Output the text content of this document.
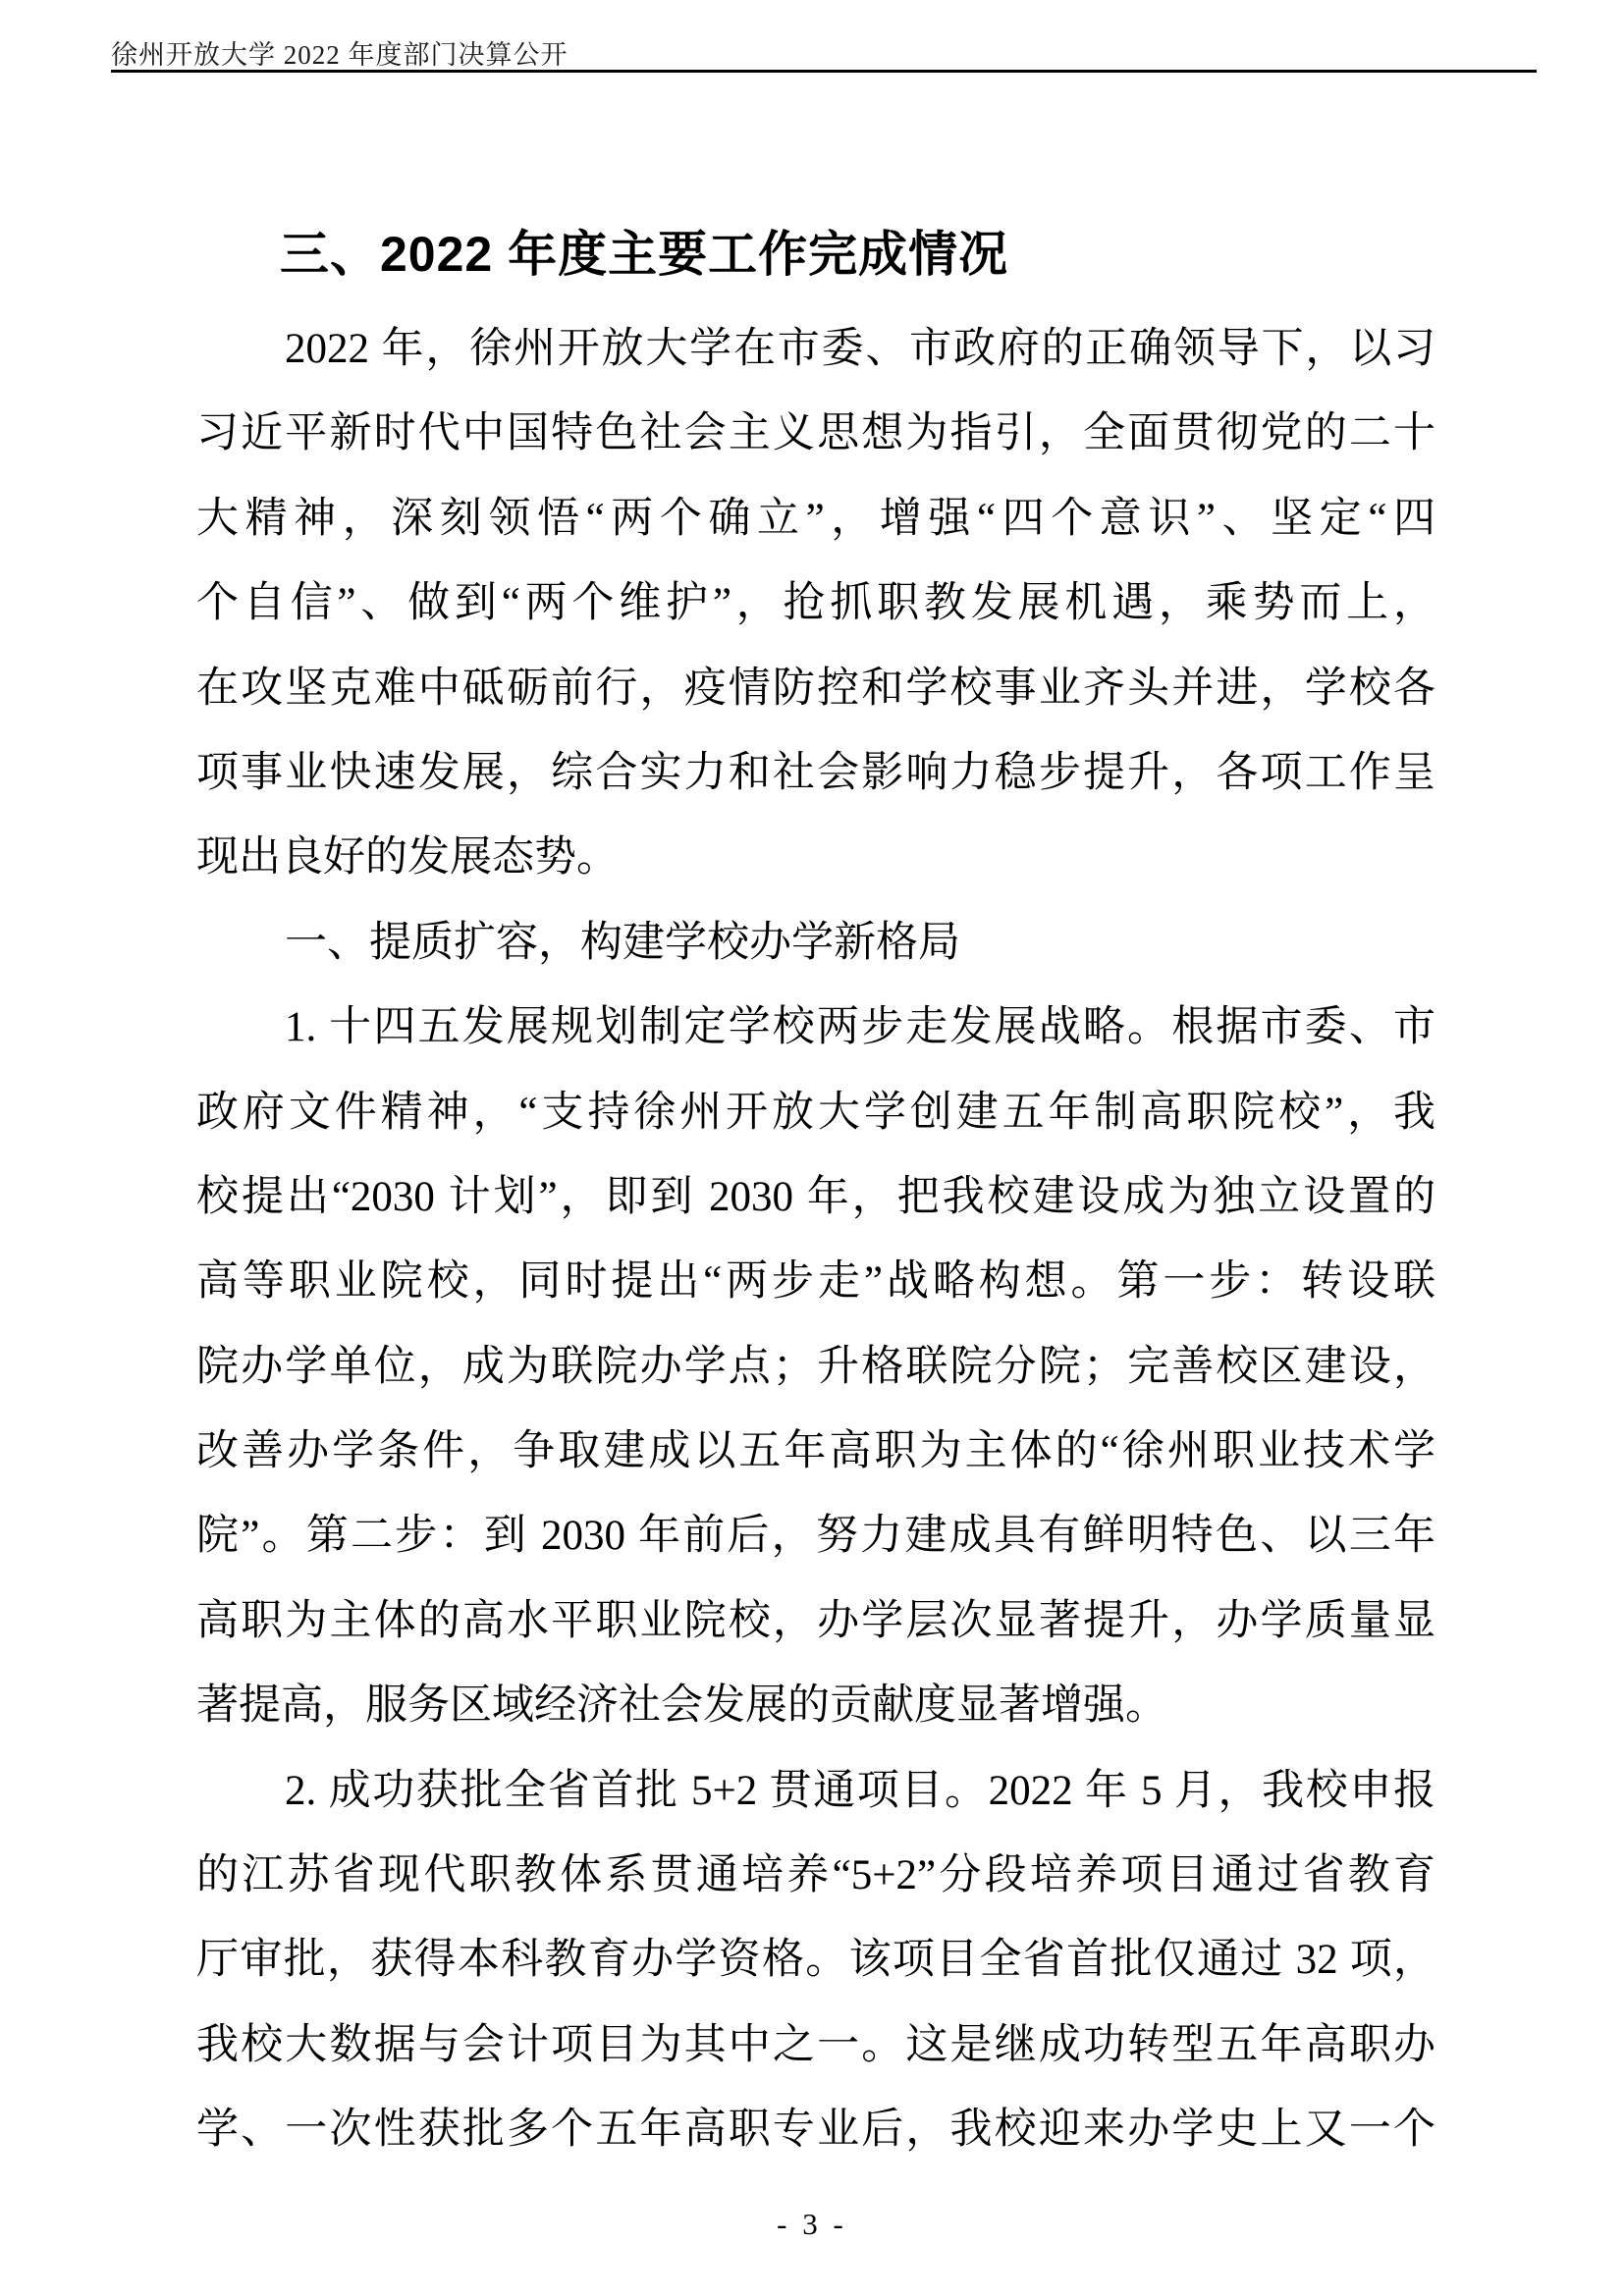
徐州开放大学 2022 年度部门决算公开
三、2022 年度主要工作完成情况
2022 年，徐州开放大学在市委、市政府的正确领导下，以习
习近平新时代中国特色社会主义思想为指引，全面贯彻党的二十
大精神，深刻领悟“两个确立”，增强“四个意识”、坚定“四
个自信”、做到“两个维护”，抢抓职教发展机遇，乘势而上，
在攻坚克难中砥砺前行，疫情防控和学校事业齐头并进，学校各
项事业快速发展，综合实力和社会影响力稳步提升，各项工作呈
现出良好的发展态势。
一、提质扩容，构建学校办学新格局
1. 十四五发展规划制定学校两步走发展战略。根据市委、市
政府文件精神，“支持徐州开放大学创建五年制高职院校”，我
校提出“2030 计划”，即到 2030 年，把我校建设成为独立设置的
高等职业院校，同时提出“两步走”战略构想。第一步：转设联
院办学单位，成为联院办学点；升格联院分院；完善校区建设，
改善办学条件，争取建成以五年高职为主体的“徐州职业技术学
院”。第二步：到 2030 年前后，努力建成具有鲜明特色、以三年
高职为主体的高水平职业院校，办学层次显著提升，办学质量显
著提高，服务区域经济社会发展的贡献度显著增强。
2. 成功获批全省首批 5+2 贯通项目。2022 年 5 月，我校申报
的江苏省现代职教体系贯通培养“5+2”分段培养项目通过省教育
厅审批，获得本科教育办学资格。该项目全省首批仅通过 32 项，
我校大数据与会计项目为其中之一。这是继成功转型五年高职办
学、一次性获批多个五年高职专业后，我校迎来办学史上又一个
- 3 -
